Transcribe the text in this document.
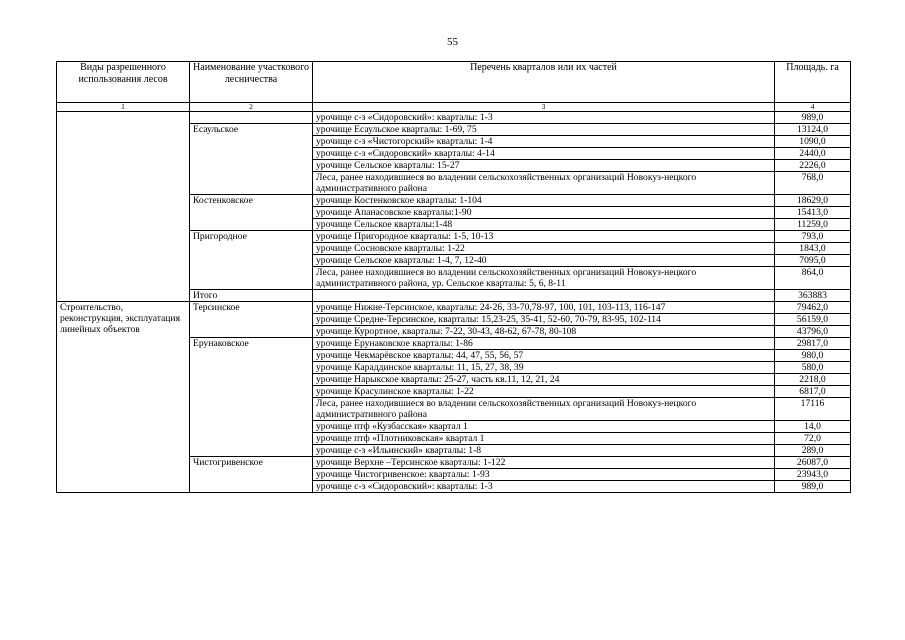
55
Виды разрешенного использования лесов	Наименование участкового лесничества	Перечень кварталов или их частей	Площадь. га
1	2	3	4
		урочище с-з «Сидоровский»: кварталы: 1-3	989,0
	Есаульское	урочище Есаульское кварталы: 1-69, 75	13124,0
		урочище с-з «Чистогорский» кварталы: 1-4	1090,0
		урочище с-з «Сидоровский» кварталы: 4-14	2440,0
		урочище Сельское кварталы: 15-27	2226,0
		Леса, ранее находившиеся во владении сельскохозяйственных организаций Новокуз-нецкого административного района	768,0
	Костенковское	урочище Костенковское кварталы: 1-104	18629,0
		урочище Апанасовское кварталы:1-90	15413,0
		урочище Сельское кварталы:1-48	11259,0
	Пригородное	урочище Пригородное кварталы: 1-5, 10-13	793,0
		урочище Сосновское кварталы: 1-22	1843,0
		урочище Сельское кварталы: 1-4, 7, 12-40	7095,0
		Леса, ранее находившиеся во владении сельскохозяйственных организаций Новокуз-нецкого административного района, ур. Сельское кварталы: 5, 6, 8-11	864,0
	Итого		363883
Строительство, реконструкция, эксплуатация линейных объектов	Терсинское	урочище Нижне-Терсинское, кварталы: 24-26, 33-70,78-97, 100, 101, 103-113, 116-147	79462,0
		урочище Средне-Терсинское, кварталы: 15,23-25, 35-41, 52-60, 70-79, 83-95, 102-114	56159,0
		урочище Курортное, кварталы: 7-22, 30-43, 48-62, 67-78, 80-108	43796,0
	Ерунаковское	урочище Ерунаковское кварталы: 1-86	29817,0
		урочище Чекмарёвское кварталы: 44, 47, 55, 56, 57	980,0
		урочище Караддинское кварталы: 11, 15, 27, 38, 39	580,0
		урочище Нарыкское кварталы: 25-27, часть кв.11, 12, 21, 24	2218,0
		урочище Красулинское кварталы: 1-22	6817,0
		Леса, ранее находившиеся во владении сельскохозяйственных организаций Новокуз-нецкого административного района	17116
		урочище птф «Кузбасская» квартал 1	14,0
		урочище птф «Плотниковская» квартал 1	72,0
		урочище с-з «Ильинский» кварталы: 1-8	289,0
	Чистогривенское	урочище Верхне –Терсинское кварталы: 1-122	26087,0
		урочище Чистогривенское: кварталы: 1-93	23943,0
		урочище с-з «Сидоровский»: кварталы: 1-3	989,0
